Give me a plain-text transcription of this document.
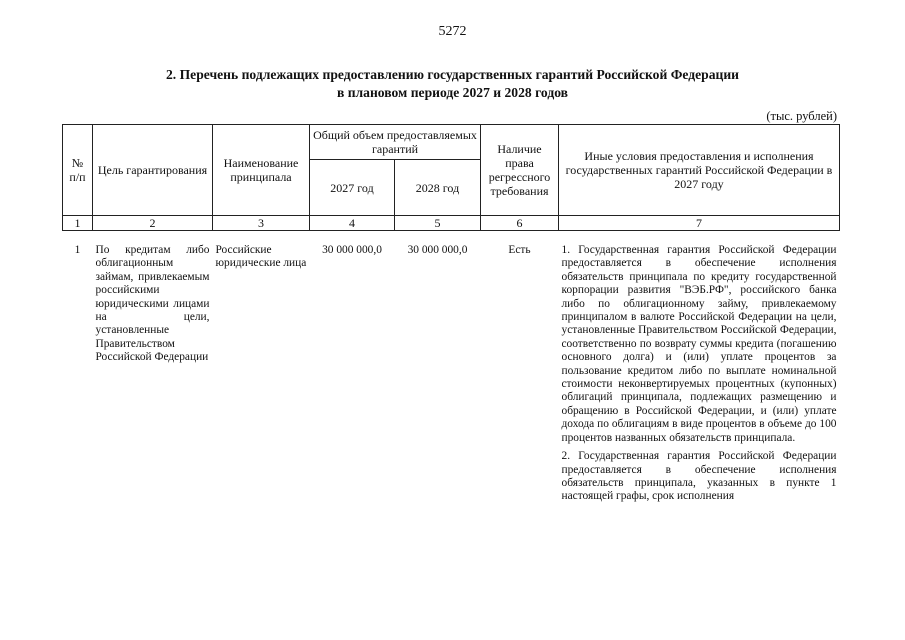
5272
2. Перечень подлежащих предоставлению государственных гарантий Российской Федерации
в плановом периоде 2027 и 2028 годов
(тыс. рублей)
№ п/п	Цель гарантирования	Наименование принципала	Общий объем предоставляемых гарантий		Наличие права регрессного требования	Иные условия предоставления и исполнения государственных гарантий Российской Федерации в 2027 году
			2027 год	2028 год		
1	2	3	4	5	6	7

1	По кредитам либо облигационным займам, привлекаемым российскими юридическими лицами на цели, установленные Правительством Российской Федерации	Российские юридические лица	30 000 000,0	30 000 000,0	Есть	1. Государственная гарантия Российской Федерации предоставляется в обеспечение исполнения обязательств принципала по кредиту государственной корпорации развития "ВЭБ.РФ", российского банка либо по облигационному займу, привлекаемому принципалом в валюте Российской Федерации на цели, установленные Правительством Российской Федерации, соответственно по возврату суммы кредита (погашению основного долга) и (или) уплате процентов за пользование кредитом либо по выплате номинальной стоимости неконвертируемых процентных (купонных) облигаций принципала, подлежащих размещению и обращению в Российской Федерации, и (или) уплате дохода по облигациям в виде процентов в объеме до 100 процентов названных обязательств принципала.

2. Государственная гарантия Российской Федерации предоставляется в обеспечение исполнения обязательств принципала, указанных в пункте 1 настоящей графы, срок исполнения
